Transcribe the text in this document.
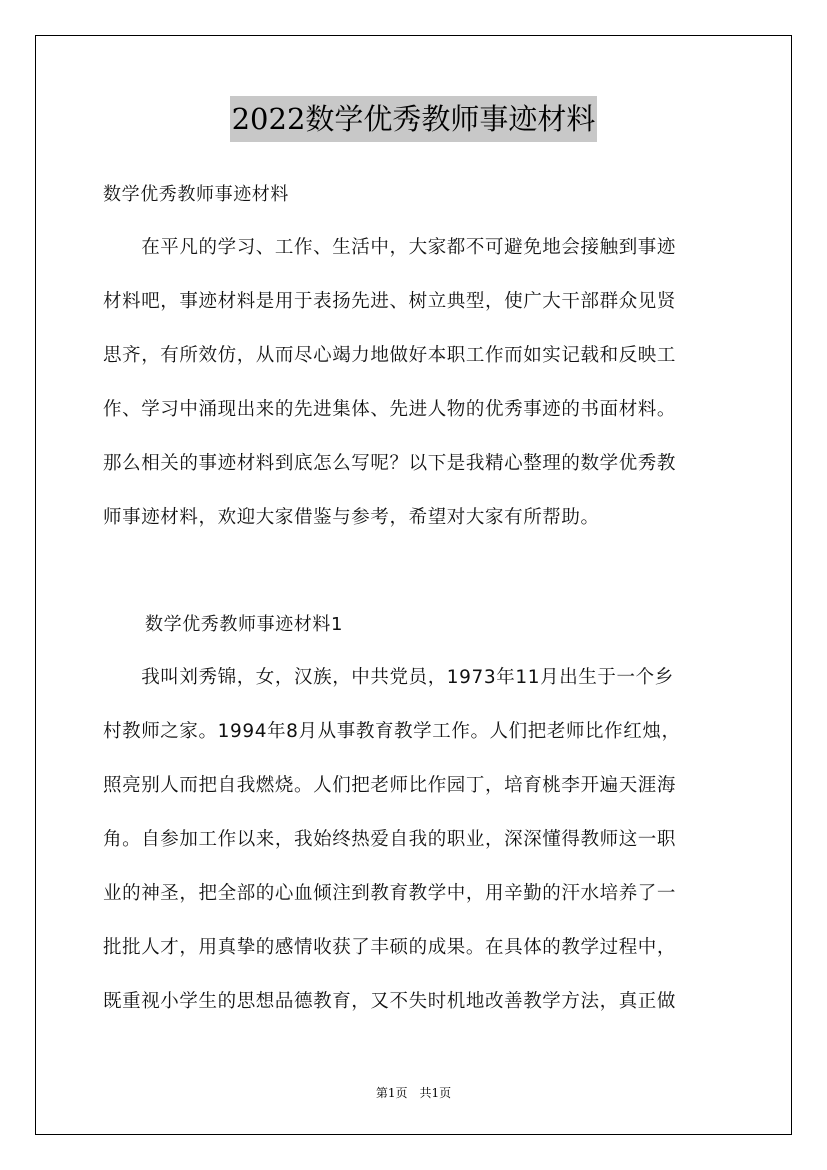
2022数学优秀教师事迹材料
数学优秀教师事迹材料
　　在平凡的学习、工作、生活中，大家都不可避免地会接触到事迹
材料吧，事迹材料是用于表扬先进、树立典型，使广大干部群众见贤
思齐，有所效仿，从而尽心竭力地做好本职工作而如实记载和反映工
作、学习中涌现出来的先进集体、先进人物的优秀事迹的书面材料。
那么相关的事迹材料到底怎么写呢？以下是我精心整理的数学优秀教
师事迹材料，欢迎大家借鉴与参考，希望对大家有所帮助。
数学优秀教师事迹材料1
　　我叫刘秀锦，女，汉族，中共党员，1973年11月出生于一个乡
村教师之家。1994年8月从事教育教学工作。人们把老师比作红烛，
照亮别人而把自我燃烧。人们把老师比作园丁，培育桃李开遍天涯海
角。自参加工作以来，我始终热爱自我的职业，深深懂得教师这一职
业的神圣，把全部的心血倾注到教育教学中，用辛勤的汗水培养了一
批批人才，用真挚的感情收获了丰硕的成果。在具体的教学过程中，
既重视小学生的思想品德教育，又不失时机地改善教学方法，真正做
第1页　共1页
